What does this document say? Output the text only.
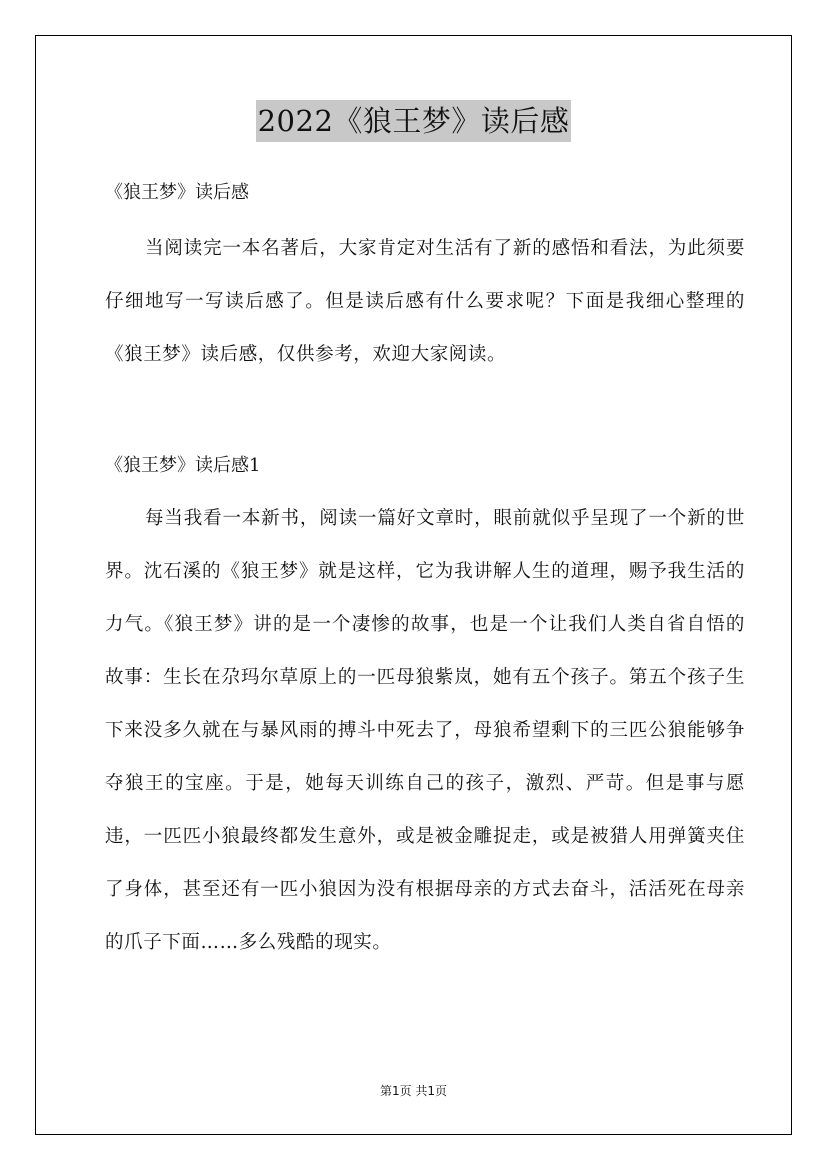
2022《狼王梦》读后感

《狼王梦》读后感

当阅读完一本名著后，大家肯定对生活有了新的感悟和看法，为此须要仔细地写一写读后感了。但是读后感有什么要求呢？下面是我细心整理的《狼王梦》读后感，仅供参考，欢迎大家阅读。

《狼王梦》读后感1

每当我看一本新书，阅读一篇好文章时，眼前就似乎呈现了一个新的世界。沈石溪的《狼王梦》就是这样，它为我讲解人生的道理，赐予我生活的力气。《狼王梦》讲的是一个凄惨的故事，也是一个让我们人类自省自悟的故事：生长在尕玛尔草原上的一匹母狼紫岚，她有五个孩子。第五个孩子生下来没多久就在与暴风雨的搏斗中死去了，母狼希望剩下的三匹公狼能够争夺狼王的宝座。于是，她每天训练自己的孩子，激烈、严苛。但是事与愿违，一匹匹小狼最终都发生意外，或是被金雕捉走，或是被猎人用弹簧夹住了身体，甚至还有一匹小狼因为没有根据母亲的方式去奋斗，活活死在母亲的爪子下面……多么残酷的现实。

第1页 共1页
